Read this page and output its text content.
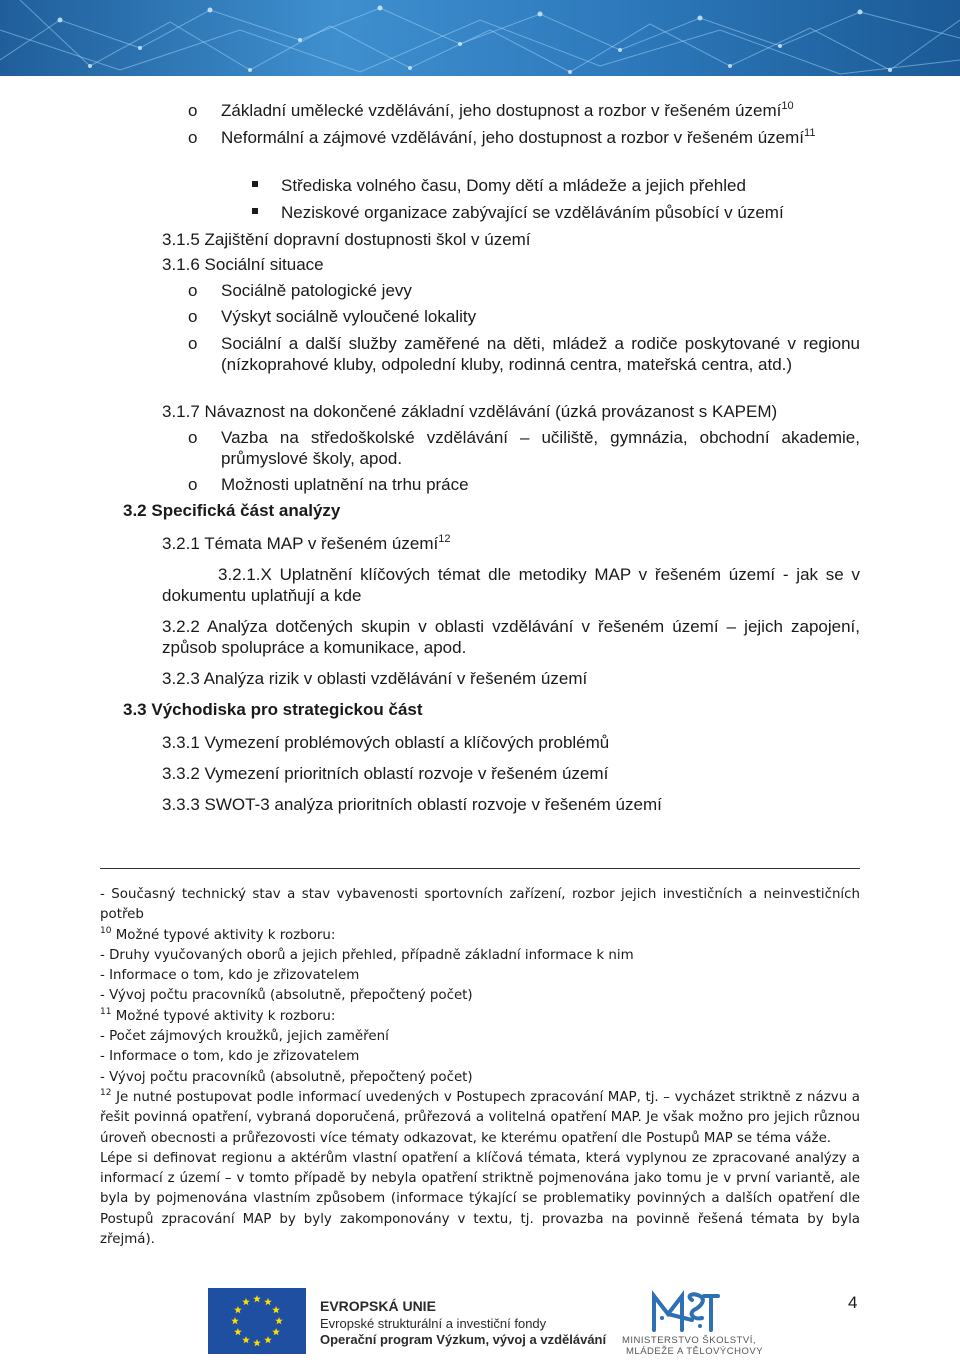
o Základní umělecké vzdělávání, jeho dostupnost a rozbor v řešeném území$^{10}$
o Neformální a zájmové vzdělávání, jeho dostupnost a rozbor v řešeném území$^{11}$
Střediska volného času, Domy dětí a mládeže a jejich přehled
Neziskové organizace zabývající se vzděláváním působící v území
3.1.5 Zajištění dopravní dostupnosti škol v území
3.1.6 Sociální situace
o Sociálně patologické jevy
o Výskyt sociálně vyloučené lokality
o Sociální a další služby zaměřené na děti, mládež a rodiče poskytované v regionu (nízkoprahové kluby, odpolední kluby, rodinná centra, mateřská centra, atd.)
3.1.7 Návaznost na dokončené základní vzdělávání (úzká provázanost s KAPEM)
o Vazba na středoškolské vzdělávání – učiliště, gymnázia, obchodní akademie, průmyslové školy, apod.
o Možnosti uplatnění na trhu práce
3.2 Specifická část analýzy
3.2.1 Témata MAP v řešeném území$^{12}$
3.2.1.X Uplatnění klíčových témat dle metodiky MAP v řešeném území - jak se v dokumentu uplatňují a kde
3.2.2 Analýza dotčených skupin v oblasti vzdělávání v řešeném území – jejich zapojení, způsob spolupráce a komunikace, apod.
3.2.3 Analýza rizik v oblasti vzdělávání v řešeném území
3.3 Východiska pro strategickou část
3.3.1 Vymezení problémových oblastí a klíčových problémů
3.3.2 Vymezení prioritních oblastí rozvoje v řešeném území
3.3.3 SWOT-3 analýza prioritních oblastí rozvoje v řešeném území

- Současný technický stav a stav vybavenosti sportovních zařízení, rozbor jejich investičních a neinvestičních potřeb

$^{10}$ Možné typové aktivity k rozboru:

- Druhy vyučovaných oborů a jejich přehled, případně základní informace k nim

- Informace o tom, kdo je zřizovatelem

- Vývoj počtu pracovníků (absolutně, přepočtený počet)

$^{11}$ Možné typové aktivity k rozboru:

- Počet zájmových kroužků, jejich zaměření

- Informace o tom, kdo je zřizovatelem

- Vývoj počtu pracovníků (absolutně, přepočtený počet)

$^{12}$ Je nutné postupovat podle informací uvedených v Postupech zpracování MAP, tj. – vycházet striktně z názvu a řešit povinná opatření, vybraná doporučená, průřezová a volitelná opatření MAP. Je však možno pro jejich různou úroveň obecnosti a průřezovosti více tématy odkazovat, ke kterému opatření dle Postupů MAP se téma váže.

Lépe si definovat regionu a aktérům vlastní opatření a klíčová témata, která vyplynou ze zpracované analýzy a informací z území – v tomto případě by nebyla opatření striktně pojmenována jako tomu je v první variantě, ale byla by pojmenována vlastním způsobem (informace týkající se problematiky povinných a dalších opatření dle Postupů zpracování MAP by byly zakomponovány v textu, tj. provazba na povinně řešená témata by byla zřejmá).

EVROPSKÁ UNIE
Evropské strukturální a investiční fondy
Operační program Výzkum, vývoj a vzdělávání
4
MINISTERSTVO ŠKOLSTVÍ,
MLÁDEŽE A TĚLOVÝCHOVY
